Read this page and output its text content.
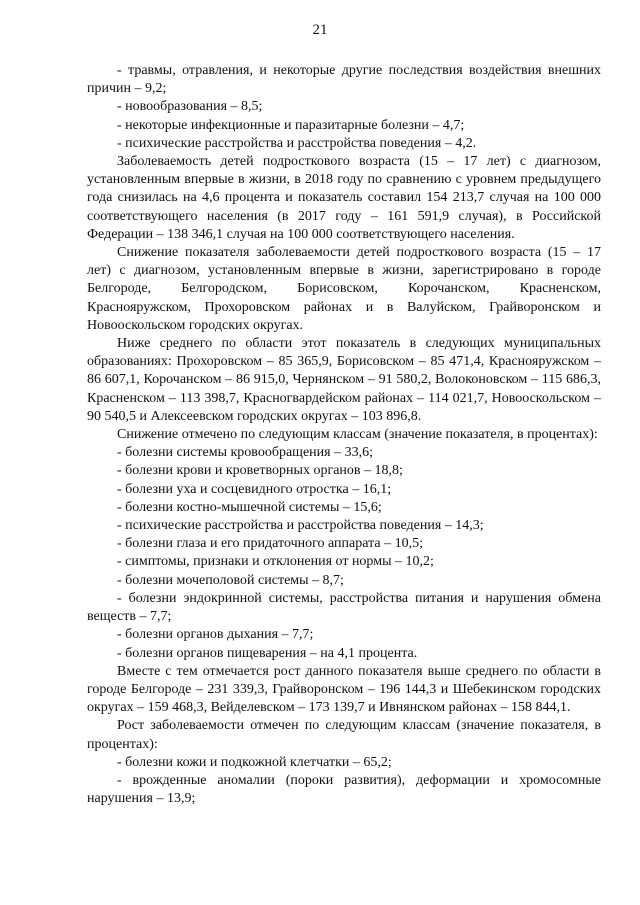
21

- травмы, отравления, и некоторые другие последствия воздействия внешних причин – 9,2;

- новообразования – 8,5;

- некоторые инфекционные и паразитарные болезни – 4,7;

- психические расстройства и расстройства поведения – 4,2.

Заболеваемость детей подросткового возраста (15 – 17 лет) с диагнозом, установленным впервые в жизни, в 2018 году по сравнению с уровнем предыдущего года снизилась на 4,6 процента и показатель составил 154 213,7 случая на 100 000 соответствующего населения (в 2017 году – 161 591,9 случая), в Российской Федерации – 138 346,1 случая на 100 000 соответствующего населения.

Снижение показателя заболеваемости детей подросткового возраста (15 – 17 лет) с диагнозом, установленным впервые в жизни, зарегистрировано в городе Белгороде, Белгородском, Борисовском, Корочанском, Красненском, Краснояружском, Прохоровском районах и в Валуйском, Грайворонском и Новооскольском городских округах.

Ниже среднего по области этот показатель в следующих муниципальных образованиях: Прохоровском – 85 365,9, Борисовском – 85 471,4, Краснояружском – 86 607,1, Корочанском – 86 915,0, Чернянском – 91 580,2, Волоконовском – 115 686,3, Красненском – 113 398,7, Красногвардейском районах – 114 021,7, Новооскольском – 90 540,5 и Алексеевском городских округах – 103 896,8.

Снижение отмечено по следующим классам (значение показателя, в процентах):

- болезни системы кровообращения – 33,6;

- болезни крови и кроветворных органов – 18,8;

- болезни уха и сосцевидного отростка – 16,1;

- болезни костно-мышечной системы – 15,6;

- психические расстройства и расстройства поведения – 14,3;

- болезни глаза и его придаточного аппарата – 10,5;

- симптомы, признаки и отклонения от нормы – 10,2;

- болезни мочеполовой системы – 8,7;

- болезни эндокринной системы, расстройства питания и нарушения обмена веществ – 7,7;

- болезни органов дыхания – 7,7;

- болезни органов пищеварения – на 4,1 процента.

Вместе с тем отмечается рост данного показателя выше среднего по области в городе Белгороде – 231 339,3, Грайворонском – 196 144,3 и Шебекинском городских округах – 159 468,3, Вейделевском – 173 139,7 и Ивнянском районах – 158 844,1.

Рост заболеваемости отмечен по следующим классам (значение показателя, в процентах):

- болезни кожи и подкожной клетчатки – 65,2;

- врожденные аномалии (пороки развития), деформации и хромосомные нарушения – 13,9;
